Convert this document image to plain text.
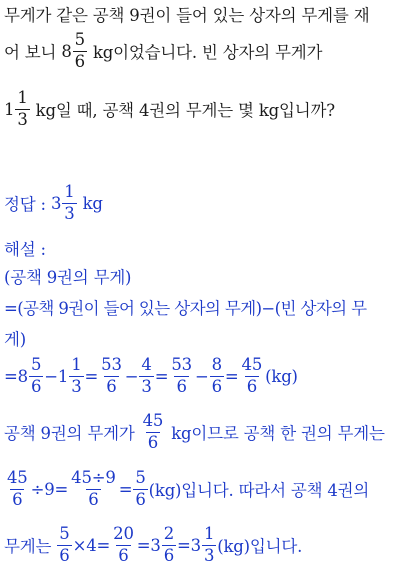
무게가 같은 공책 9권이 들어 있는 상자의 무게를 재
어 보니 $8 \frac{5}{6}$ kg이었습니다. 빈 상자의 무게가
$1 \frac{1}{3}$ kg일 때, 공책 4권의 무게는 몇 kg입니까?
정답 : $3 \frac{1}{3}$ kg
해설 :
(공책 9권의 무게)
=(공책 9권이 들어 있는 상자의 무게)−(빈 상자의 무
게)
$=8 \frac{5}{6} -1 \frac{1}{3} = \frac{53}{6} - \frac{4}{3} = \frac{53}{6} - \frac{8}{6} = \frac{45}{6} (kg)$
공책 9권의 무게가 $\frac{45}{6}$ kg이므로 공책 한 권의 무게는
$\frac{45}{6} \div 9= \frac{45\div 9}{6} = \frac{5}{6} (kg)$입니다. 따라서 공책 4권의
무게는 $\frac{5}{6} \times 4= \frac{20}{6} =3 \frac{2}{6} =3 \frac{1}{3} (kg)$입니다.
